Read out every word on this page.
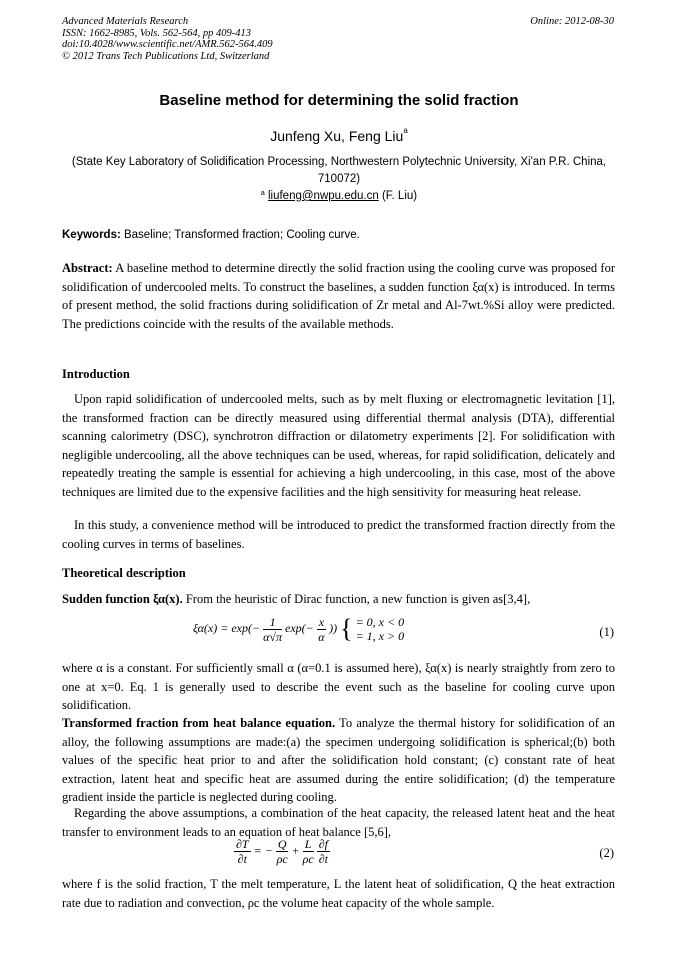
Advanced Materials Research
ISSN: 1662-8985, Vols. 562-564, pp 409-413
doi:10.4028/www.scientific.net/AMR.562-564.409
© 2012 Trans Tech Publications Ltd, Switzerland
Online: 2012-08-30
Baseline method for determining the solid fraction
Junfeng Xu, Feng Liu$^a$
(State Key Laboratory of Solidification Processing, Northwestern Polytechnic University, Xi'an P.R. China, 710072)
$^a$ liufeng@nwpu.edu.cn (F. Liu)
Keywords: Baseline; Transformed fraction; Cooling curve.
Abstract: A baseline method to determine directly the solid fraction using the cooling curve was proposed for solidification of undercooled melts. To construct the baselines, a sudden function ξα(x) is introduced. In terms of present method, the solid fractions during solidification of Zr metal and Al-7wt.%Si alloy were predicted. The predictions coincide with the results of the available methods.
Introduction
Upon rapid solidification of undercooled melts, such as by melt fluxing or electromagnetic levitation [1], the transformed fraction can be directly measured using differential thermal analysis (DTA), differential scanning calorimetry (DSC), synchrotron diffraction or dilatometry experiments [2]. For solidification with negligible undercooling, all the above techniques can be used, whereas, for rapid solidification, delicately and repeatedly treating the sample is essential for achieving a high undercooling, in this case, most of the above techniques are limited due to the expensive facilities and the high sensitivity for measuring heat release.
In this study, a convenience method will be introduced to predict the transformed fraction directly from the cooling curves in terms of baselines.
Theoretical description
Sudden function ξα(x). From the heuristic of Dirac function, a new function is given as[3,4],
$\xi\alpha(x) = \exp(- \frac{1}{\alpha√\pi} \exp(- \frac{x}{\alpha}$ )) { = 0, x < 0
= 1, x > 0	(1)
where α is a constant. For sufficiently small α (α=0.1 is assumed here), ξα(x) is nearly straightly from zero to one at x=0. Eq. 1 is generally used to describe the event such as the baseline for cooling curve upon solidification.
Transformed fraction from heat balance equation. To analyze the thermal history for solidification of an alloy, the following assumptions are made:(a) the specimen undergoing solidification is spherical;(b) both values of the specific heat prior to and after the solidification hold constant; (c) constant rate of heat extraction, latent heat and specific heat are assumed during the entire solidification; (d) the temperature gradient inside the particle is neglected during cooling.
Regarding the above assumptions, a combination of the heat capacity, the released latent heat and the heat transfer to environment leads to an equation of heat balance [5,6],
$\frac{\partial T}{\partial t}$ = − $\frac{Q}{\rho c} + \frac{L}{\rho c}$
$\frac{\partial f}{\partial t}$	(2)
where f is the solid fraction, T the melt temperature, L the latent heat of solidification, Q the heat extraction rate due to radiation and convection, ρc the volume heat capacity of the whole sample.
